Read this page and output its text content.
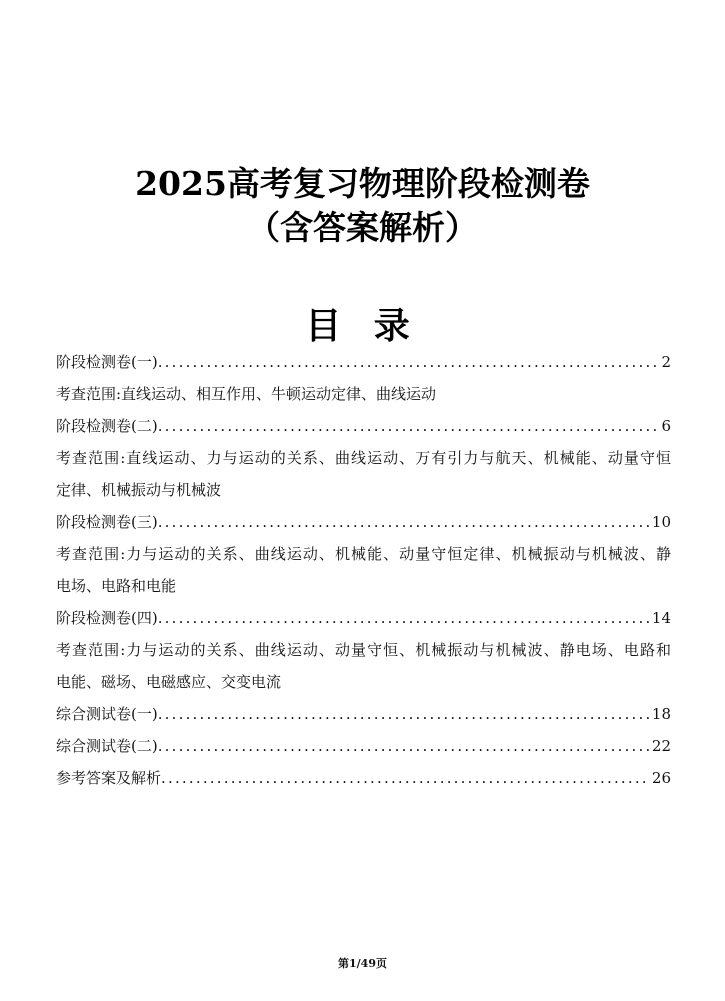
2025高考复习物理阶段检测卷
（含答案解析）
目 录
阶段检测卷(一) .....	2
考查范围:直线运动、相互作用、牛顿运动定律、曲线运动
阶段检测卷(二) .....	6
考查范围:直线运动、力与运动的关系、曲线运动、万有引力与航天、机械能、动量守恒
定律、机械振动与机械波
阶段检测卷(三) .....	10
考查范围:力与运动的关系、曲线运动、机械能、动量守恒定律、机械振动与机械波、静
电场、电路和电能
阶段检测卷(四) .....	14
考查范围:力与运动的关系、曲线运动、动量守恒、机械振动与机械波、静电场、电路和
电能、磁场、电磁感应、交变电流
综合测试卷(一) .....	18
综合测试卷(二) .....	22
参考答案及解析 .....	26
第1/49页
